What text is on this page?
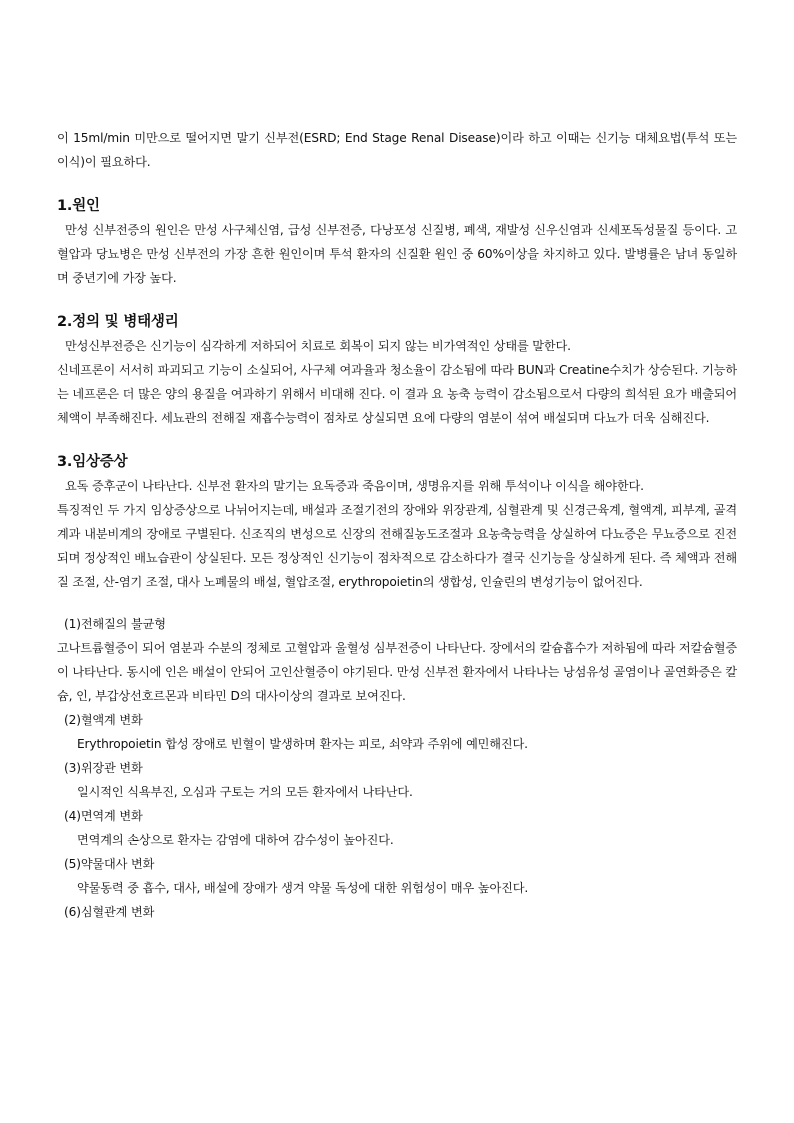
이 15ml/min 미만으로 떨어지면 말기 신부전(ESRD; End Stage Renal Disease)이라 하고 이때는 신기능 대체요법(투석 또는 이식)이 필요하다.

1.원인

만성 신부전증의 원인은 만성 사구체신염, 급성 신부전증, 다낭포성 신질병, 폐색, 재발성 신우신염과 신세포독성물질 등이다. 고혈압과 당뇨병은 만성 신부전의 가장 흔한 원인이며 투석 환자의 신질환 원인 중 60%이상을 차지하고 있다. 발병률은 남녀 동일하며 중년기에 가장 높다.

2.정의 및 병태생리

만성신부전증은 신기능이 심각하게 저하되어 치료로 회복이 되지 않는 비가역적인 상태를 말한다.

신네프론이 서서히 파괴되고 기능이 소실되어, 사구체 여과율과 청소율이 감소됨에 따라 BUN과 Creatine수치가 상승된다. 기능하는 네프론은 더 많은 양의 용질을 여과하기 위해서 비대해 진다. 이 결과 요 농축 능력이 감소됨으로서 다량의 희석된 요가 배출되어 체액이 부족해진다. 세뇨관의 전해질 재흡수능력이 점차로 상실되면 요에 다량의 염분이 섞여 배설되며 다뇨가 더욱 심해진다.

3.임상증상

요독 증후군이 나타난다. 신부전 환자의 말기는 요독증과 죽음이며, 생명유지를 위해 투석이나 이식을 해야한다.

특징적인 두 가지 임상증상으로 나뉘어지는데, 배설과 조절기전의 장애와 위장관계, 심혈관계 및 신경근육계, 혈액계, 피부계, 골격계과 내분비계의 장애로 구별된다. 신조직의 변성으로 신장의 전해질농도조절과 요농축능력을 상실하여 다뇨증은 무뇨증으로 진전되며 정상적인 배뇨습관이 상실된다. 모든 정상적인 신기능이 점차적으로 감소하다가 결국 신기능을 상실하게 된다. 즉 체액과 전해질 조절, 산-염기 조절, 대사 노폐물의 배설, 혈압조절, erythropoietin의 생합성, 인슐린의 변성기능이 없어진다.

(1)전해질의 불균형

고나트륨혈증이 되어 염분과 수분의 정체로 고혈압과 울혈성 심부전증이 나타난다. 장에서의 칼슘흡수가 저하됨에 따라 저칼슘혈증이 나타난다. 동시에 인은 배설이 안되어 고인산혈증이 야기된다. 만성 신부전 환자에서 나타나는 낭섬유성 골염이나 골연화증은 칼슘, 인, 부갑상선호르몬과 비타민 D의 대사이상의 결과로 보여진다.

(2)혈액계 변화

Erythropoietin 합성 장애로 빈혈이 발생하며 환자는 피로, 쇠약과 주위에 예민해진다.

(3)위장관 변화

일시적인 식욕부진, 오심과 구토는 거의 모든 환자에서 나타난다.

(4)면역계 변화

면역계의 손상으로 환자는 감염에 대하여 감수성이 높아진다.

(5)약물대사 변화

약물동력 중 흡수, 대사, 배설에 장애가 생겨 약물 독성에 대한 위험성이 매우 높아진다.

(6)심혈관계 변화
